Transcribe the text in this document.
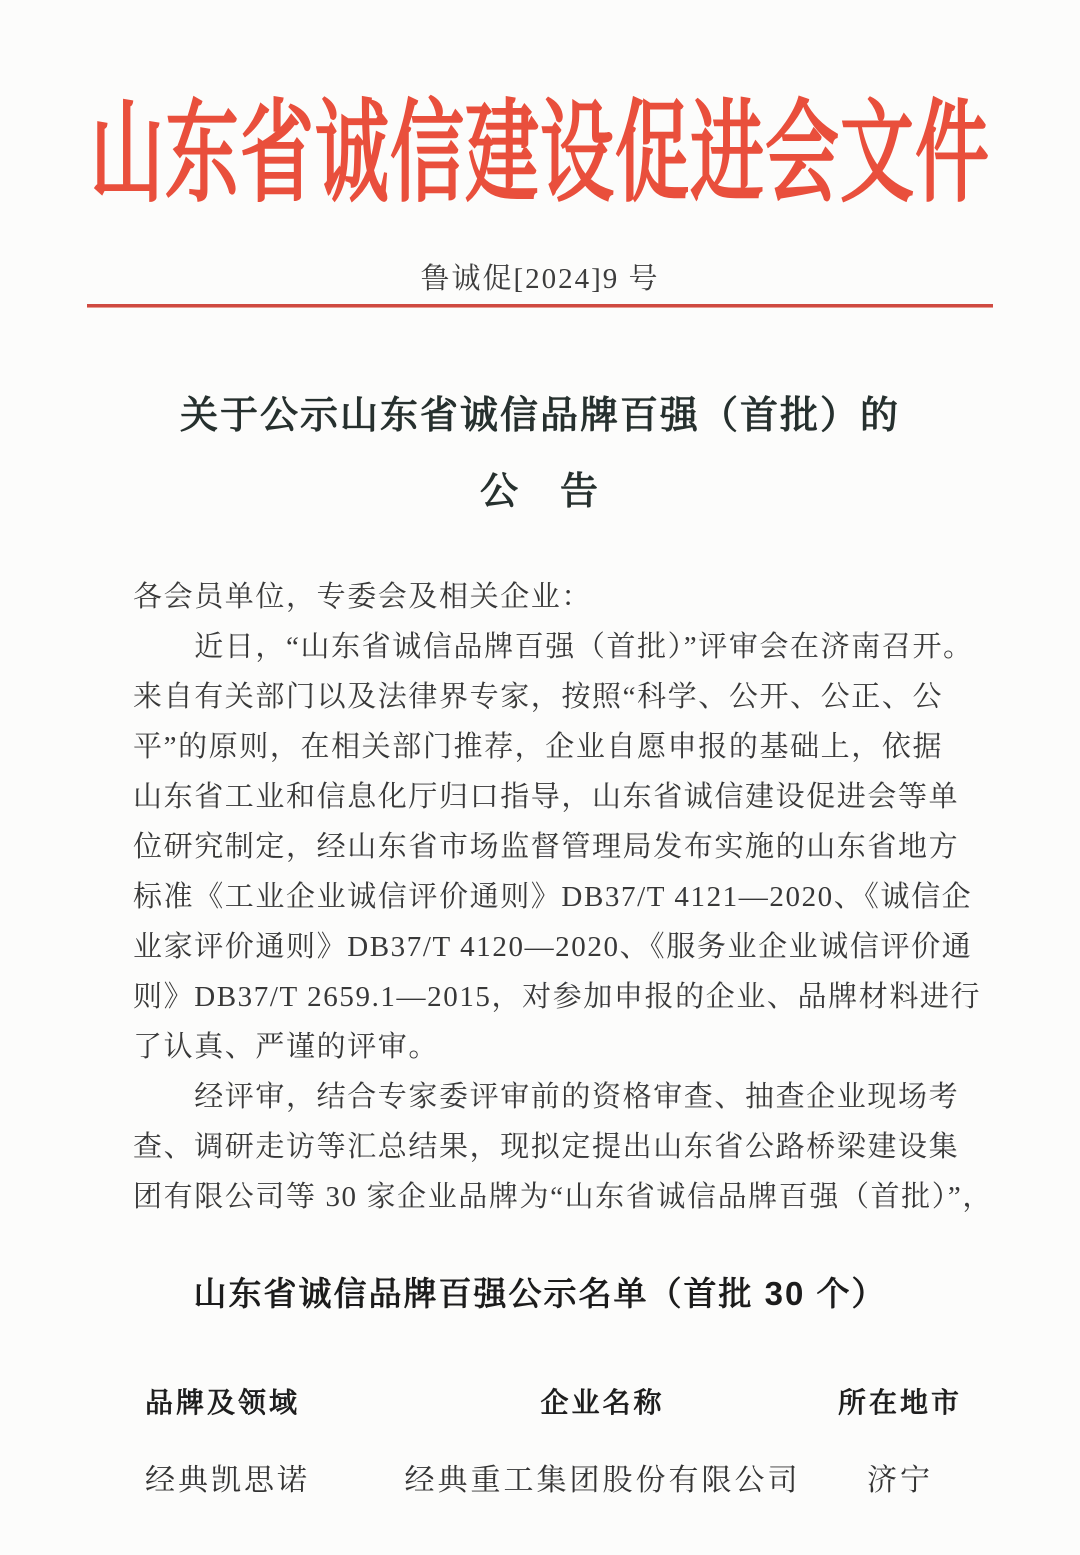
山东省诚信建设促进会文件
鲁诚促[2024]9 号
关于公示山东省诚信品牌百强（首批）的
公　告

各会员单位，专委会及相关企业：

　　近日，“山东省诚信品牌百强（首批）”评审会在济南召开。

来自有关部门以及法律界专家，按照“科学、公开、公正、公

平”的原则，在相关部门推荐，企业自愿申报的基础上，依据

山东省工业和信息化厅归口指导，山东省诚信建设促进会等单

位研究制定，经山东省市场监督管理局发布实施的山东省地方

标准《工业企业诚信评价通则》DB37/T 4121—2020、《诚信企

业家评价通则》DB37/T 4120—2020、《服务业企业诚信评价通

则》DB37/T 2659.1—2015，对参加申报的企业、品牌材料进行

了认真、严谨的评审。

　　经评审，结合专家委评审前的资格审查、抽查企业现场考

查、调研走访等汇总结果，现拟定提出山东省公路桥梁建设集

团有限公司等 30 家企业品牌为“山东省诚信品牌百强（首批）”，

山东省诚信品牌百强公示名单（首批 30 个）
品牌及领域	企业名称	所在地市
经典凯思诺	经典重工集团股份有限公司	济宁
